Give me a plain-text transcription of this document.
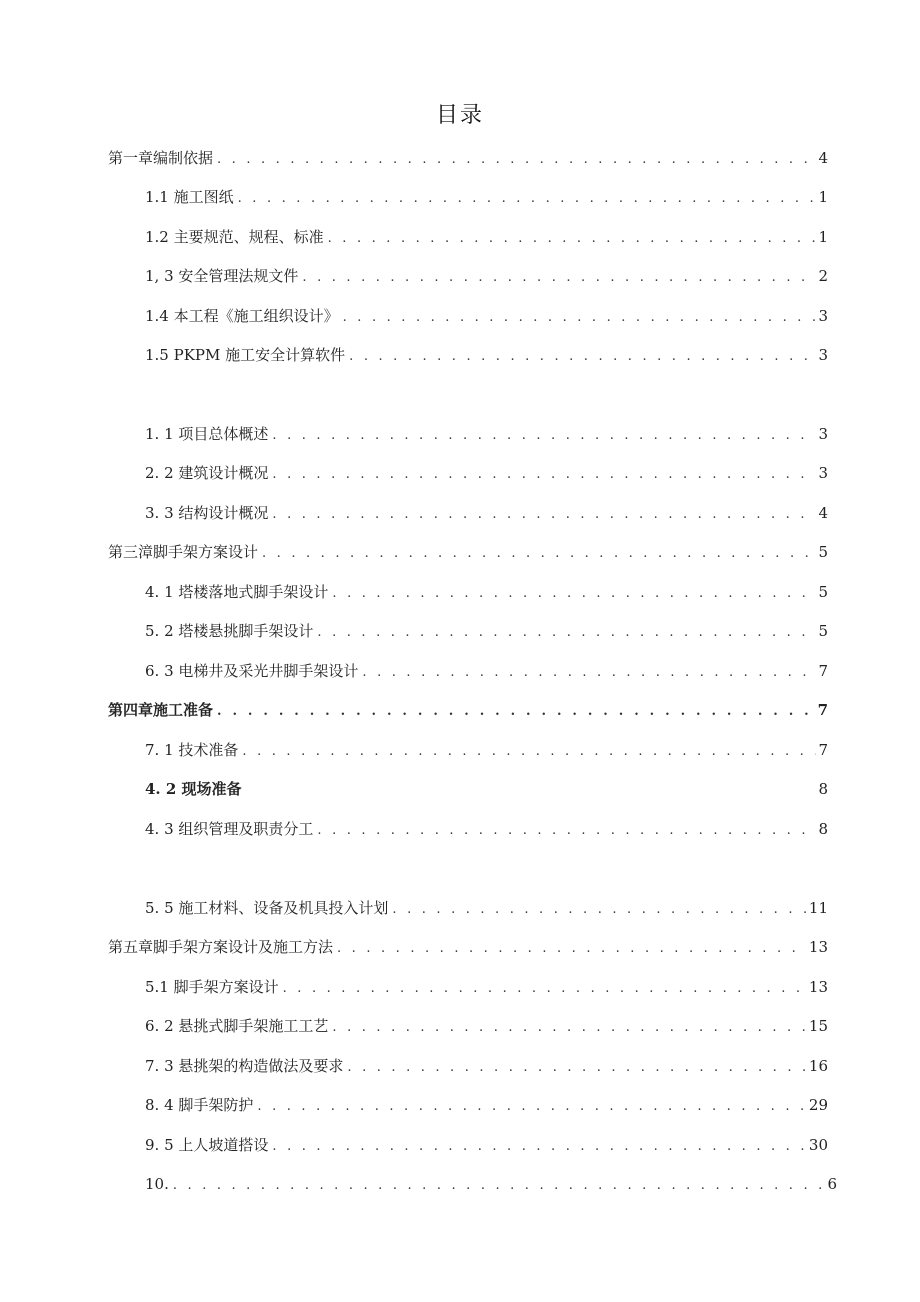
目录
第一章编制依据 . . .	4
1.1 施工图纸 . . .	1
1.2 主要规范、规程、标准 . . .	1
1, 3 安全管理法规文件 . . .	2
1.4 本工程《施工组织设计》 . . .	3
1.5 PKPM 施工安全计算软件 . . .	3
1. 1 项目总体概述 . . .	3
2. 2 建筑设计概况 . . .	3
3. 3 结构设计概况 . . .	4
第三漳脚手架方案设计 . . .	5
4. 1 塔楼落地式脚手架设计 . . .	5
5. 2 塔楼悬挑脚手架设计 . . .	5
6. 3 电梯井及采光井脚手架设计 . . .	7
第四章施工准备 . . .	7
7. 1 技术准备 . . .	7
4. 2 现场准备	8
4. 3 组织管理及职责分工 . . .	8
5. 5 施工材料、设备及机具投入计划 . . .	11
第五章脚手架方案设计及施工方法 . . .	13
5.1 脚手架方案设计 . . .	13
6. 2 悬挑式脚手架施工工艺 . . .	15
7. 3 悬挑架的构造做法及要求 . . .	16
8. 4 脚手架防护 . . .	29
9. 5 上人坡道搭设 . . .	30
10. . . .	6
